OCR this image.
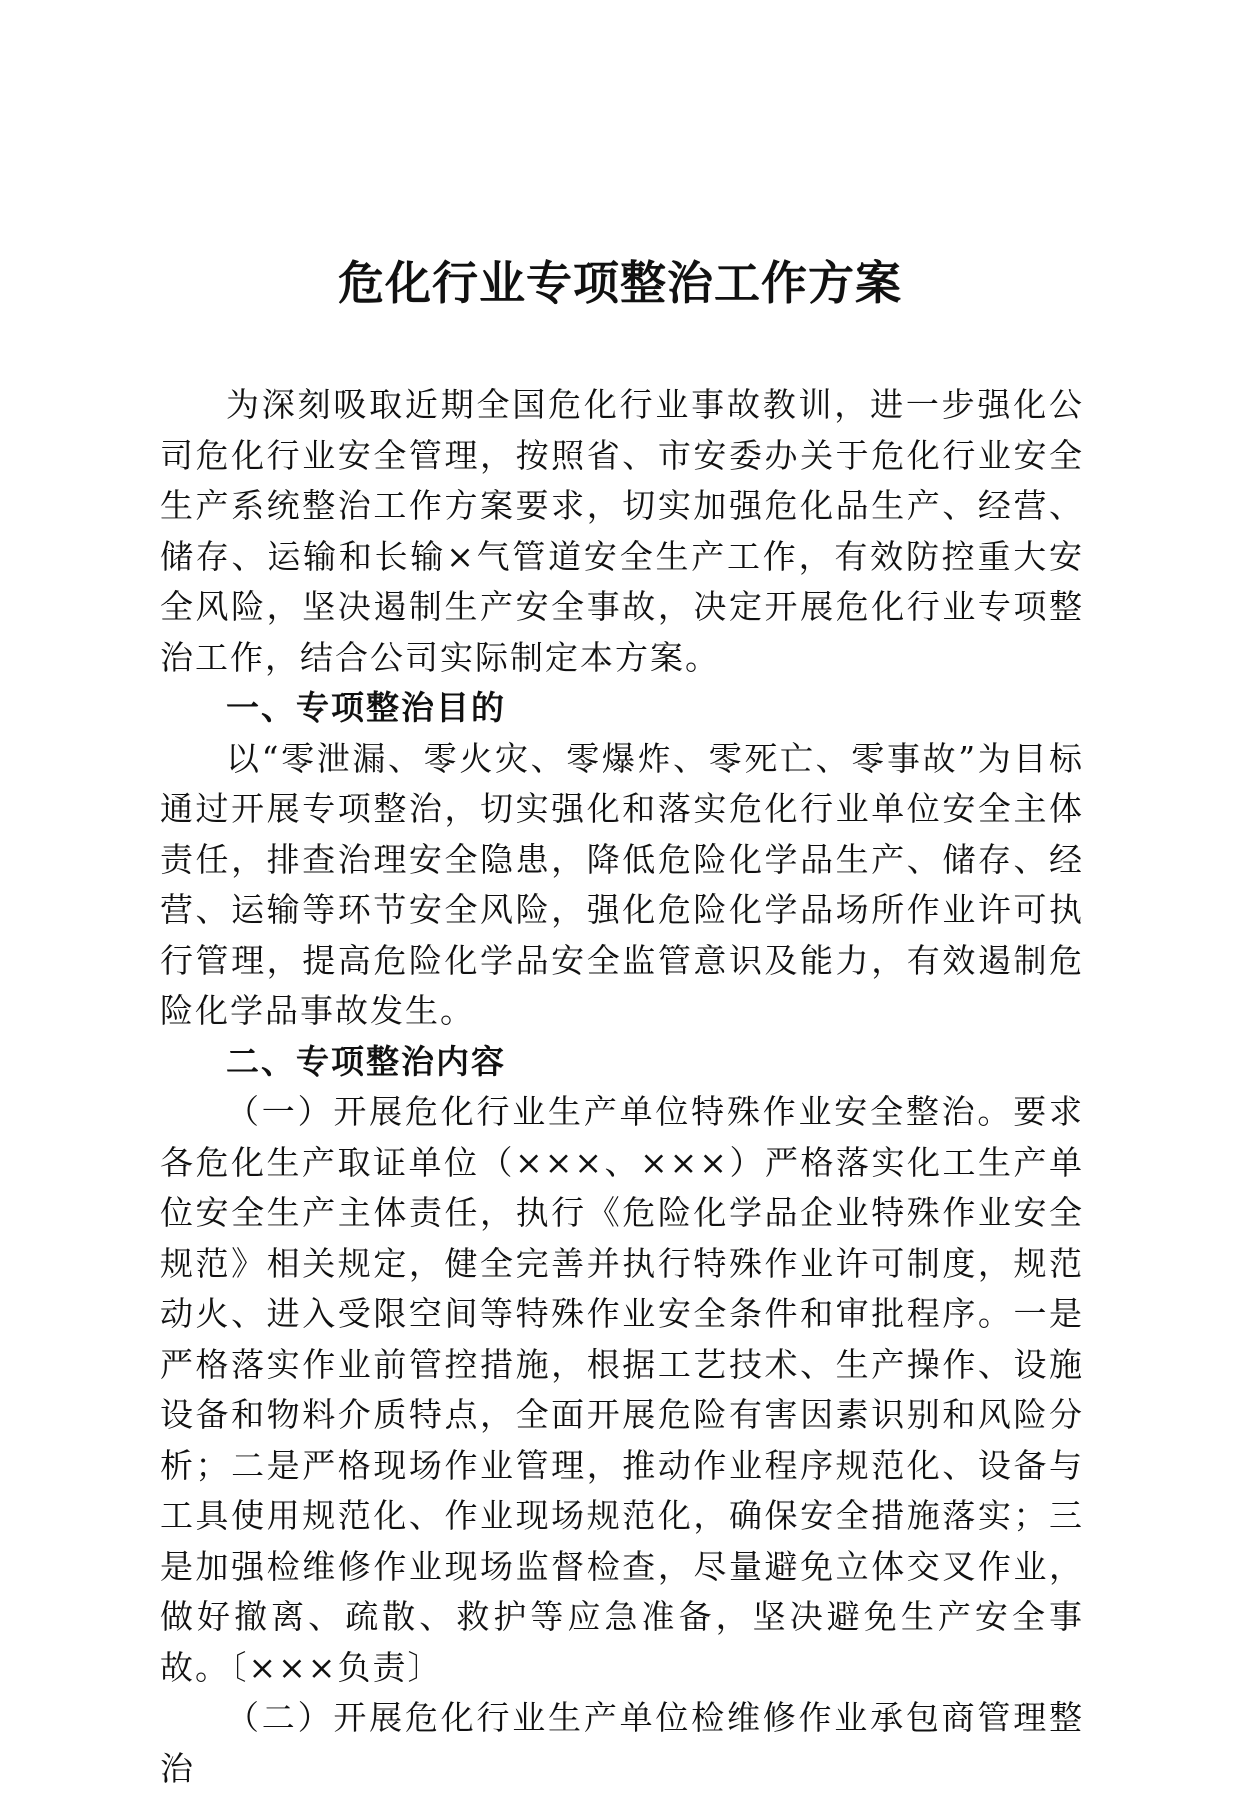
危化行业专项整治工作方案

为深刻吸取近期全国危化行业事故教训，进一步强化公司危化行业安全管理，按照省、市安委办关于危化行业安全生产系统整治工作方案要求，切实加强危化品生产、经营、储存、运输和长输×气管道安全生产工作，有效防控重大安全风险，坚决遏制生产安全事故，决定开展危化行业专项整治工作，结合公司实际制定本方案。

一、专项整治目的

以“零泄漏、零火灾、零爆炸、零死亡、零事故”为目标通过开展专项整治，切实强化和落实危化行业单位安全主体责任，排查治理安全隐患，降低危险化学品生产、储存、经营、运输等环节安全风险，强化危险化学品场所作业许可执行管理，提高危险化学品安全监管意识及能力，有效遏制危险化学品事故发生。

二、专项整治内容

（一）开展危化行业生产单位特殊作业安全整治。要求各危化生产取证单位（×××、×××）严格落实化工生产单位安全生产主体责任，执行《危险化学品企业特殊作业安全规范》相关规定，健全完善并执行特殊作业许可制度，规范动火、进入受限空间等特殊作业安全条件和审批程序。一是严格落实作业前管控措施，根据工艺技术、生产操作、设施设备和物料介质特点，全面开展危险有害因素识别和风险分析；二是严格现场作业管理，推动作业程序规范化、设备与工具使用规范化、作业现场规范化，确保安全措施落实；三是加强检维修作业现场监督检查，尽量避免立体交叉作业，做好撤离、疏散、救护等应急准备，坚决避免生产安全事故。〔×××负责〕

（二）开展危化行业生产单位检维修作业承包商管理整治
